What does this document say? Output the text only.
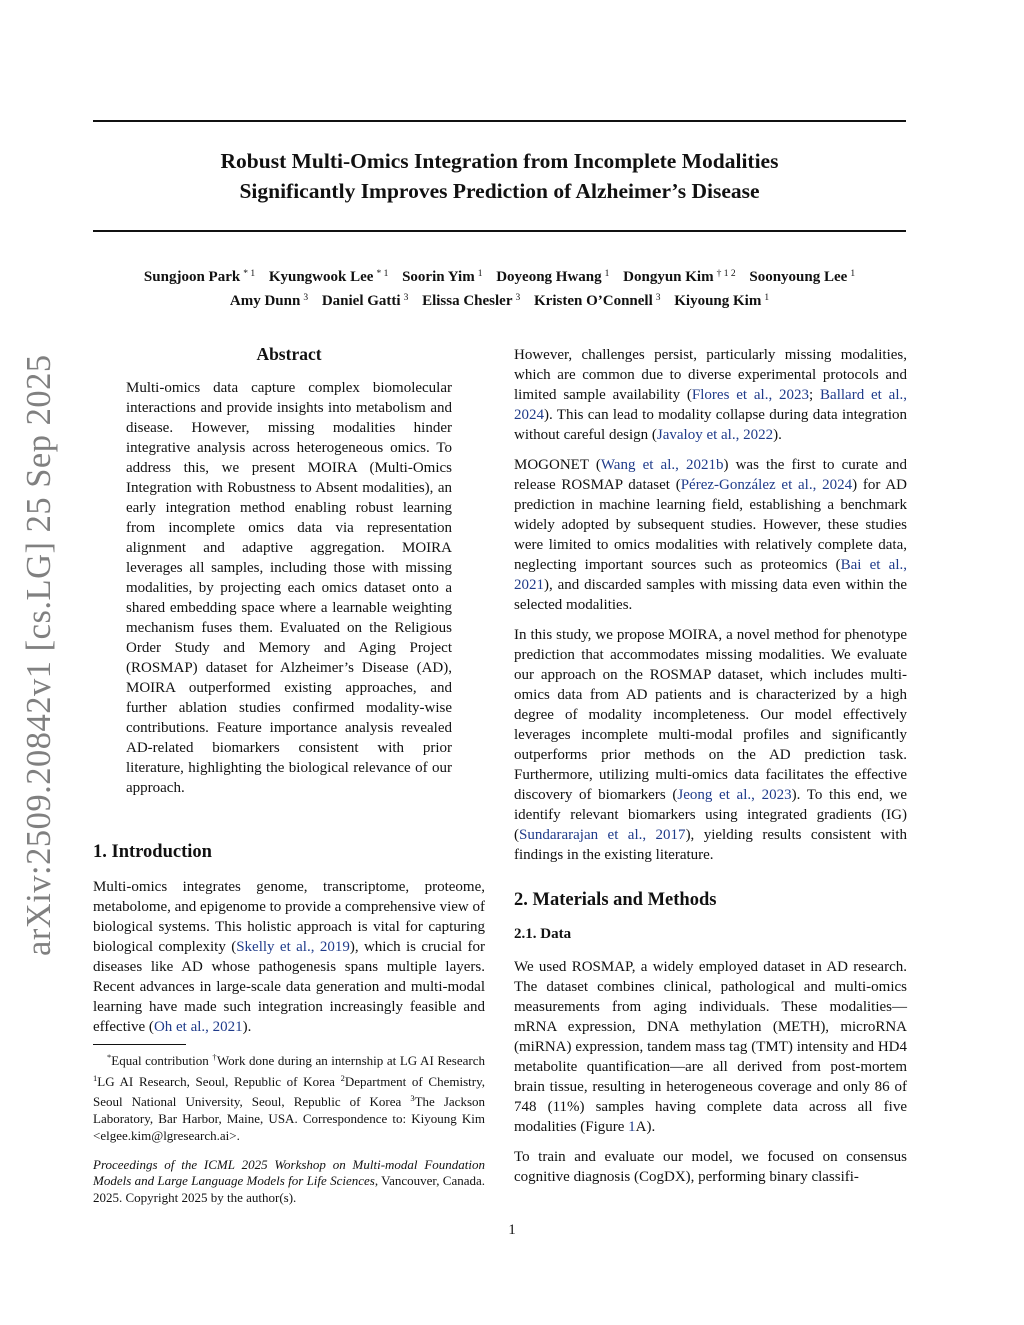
arXiv:2509.20842v1 [cs.LG] 25 Sep 2025
Robust Multi-Omics Integration from Incomplete Modalities
Significantly Improves Prediction of Alzheimer’s Disease
Sungjoon Park $^{* 1}$ Kyungwook Lee $^{* 1}$ Soorin Yim $^1$ Doyeong Hwang $^1$ Dongyun Kim $^{\dagger 1 2}$ Soonyoung Lee $^1$
Amy Dunn $^3$ Daniel Gatti $^3$ Elissa Chesler $^3$ Kristen O’Connell $^3$ Kiyoung Kim $^1$
Abstract

Multi-omics data capture complex biomolecular interactions and provide insights into metabolism and disease. However, missing modalities hinder integrative analysis across heterogeneous omics. To address this, we present MOIRA (Multi-Omics Integration with Robustness to Absent modalities), an early integration method enabling robust learning from incomplete omics data via representation alignment and adaptive aggregation. MOIRA leverages all samples, including those with missing modalities, by projecting each omics dataset onto a shared embedding space where a learnable weighting mechanism fuses them. Evaluated on the Religious Order Study and Memory and Aging Project (ROSMAP) dataset for Alzheimer’s Disease (AD), MOIRA outperformed existing approaches, and further ablation studies confirmed modality-wise contributions. Feature importance analysis revealed AD-related biomarkers consistent with prior literature, highlighting the biological relevance of our approach.

1. Introduction

Multi-omics integrates genome, transcriptome, proteome, metabolome, and epigenome to provide a comprehensive view of biological systems. This holistic approach is vital for capturing biological complexity (Skelly et al., 2019), which is crucial for diseases like AD whose pathogenesis spans multiple layers. Recent advances in large-scale data generation and multi-modal learning have made such integration increasingly feasible and effective (Oh et al., 2021).

*Equal contribution †Work done during an internship at LG AI Research $^1$LG AI Research, Seoul, Republic of Korea $^2$Department of Chemistry, Seoul National University, Seoul, Republic of Korea $^3$The Jackson Laboratory, Bar Harbor, Maine, USA. Correspondence to: Kiyoung Kim <elgee.kim@lgresearch.ai>.

Proceedings of the ICML 2025 Workshop on Multi-modal Foundation Models and Large Language Models for Life Sciences, Vancouver, Canada. 2025. Copyright 2025 by the author(s).

However, challenges persist, particularly missing modalities, which are common due to diverse experimental protocols and limited sample availability (Flores et al., 2023; Ballard et al., 2024). This can lead to modality collapse during data integration without careful design (Javaloy et al., 2022).

MOGONET (Wang et al., 2021b) was the first to curate and release ROSMAP dataset (Pérez-González et al., 2024) for AD prediction in machine learning field, establishing a benchmark widely adopted by subsequent studies. However, these studies were limited to omics modalities with relatively complete data, neglecting important sources such as proteomics (Bai et al., 2021), and discarded samples with missing data even within the selected modalities.

In this study, we propose MOIRA, a novel method for phenotype prediction that accommodates missing modalities. We evaluate our approach on the ROSMAP dataset, which includes multi-omics data from AD patients and is characterized by a high degree of modality incompleteness. Our model effectively leverages incomplete multi-modal profiles and significantly outperforms prior methods on the AD prediction task. Furthermore, utilizing multi-omics data facilitates the effective discovery of biomarkers (Jeong et al., 2023). To this end, we identify relevant biomarkers using integrated gradients (IG) (Sundararajan et al., 2017), yielding results consistent with findings in the existing literature.

2. Materials and Methods
2.1. Data

We used ROSMAP, a widely employed dataset in AD research. The dataset combines clinical, pathological and multi-omics measurements from aging individuals. These modalities—mRNA expression, DNA methylation (METH), microRNA (miRNA) expression, tandem mass tag (TMT) intensity and HD4 metabolite quantification—are all derived from post-mortem brain tissue, resulting in heterogeneous coverage and only 86 of 748 (11%) samples having complete data across all five modalities (Figure 1A).

To train and evaluate our model, we focused on consensus cognitive diagnosis (CogDX), performing binary classifi-

1
